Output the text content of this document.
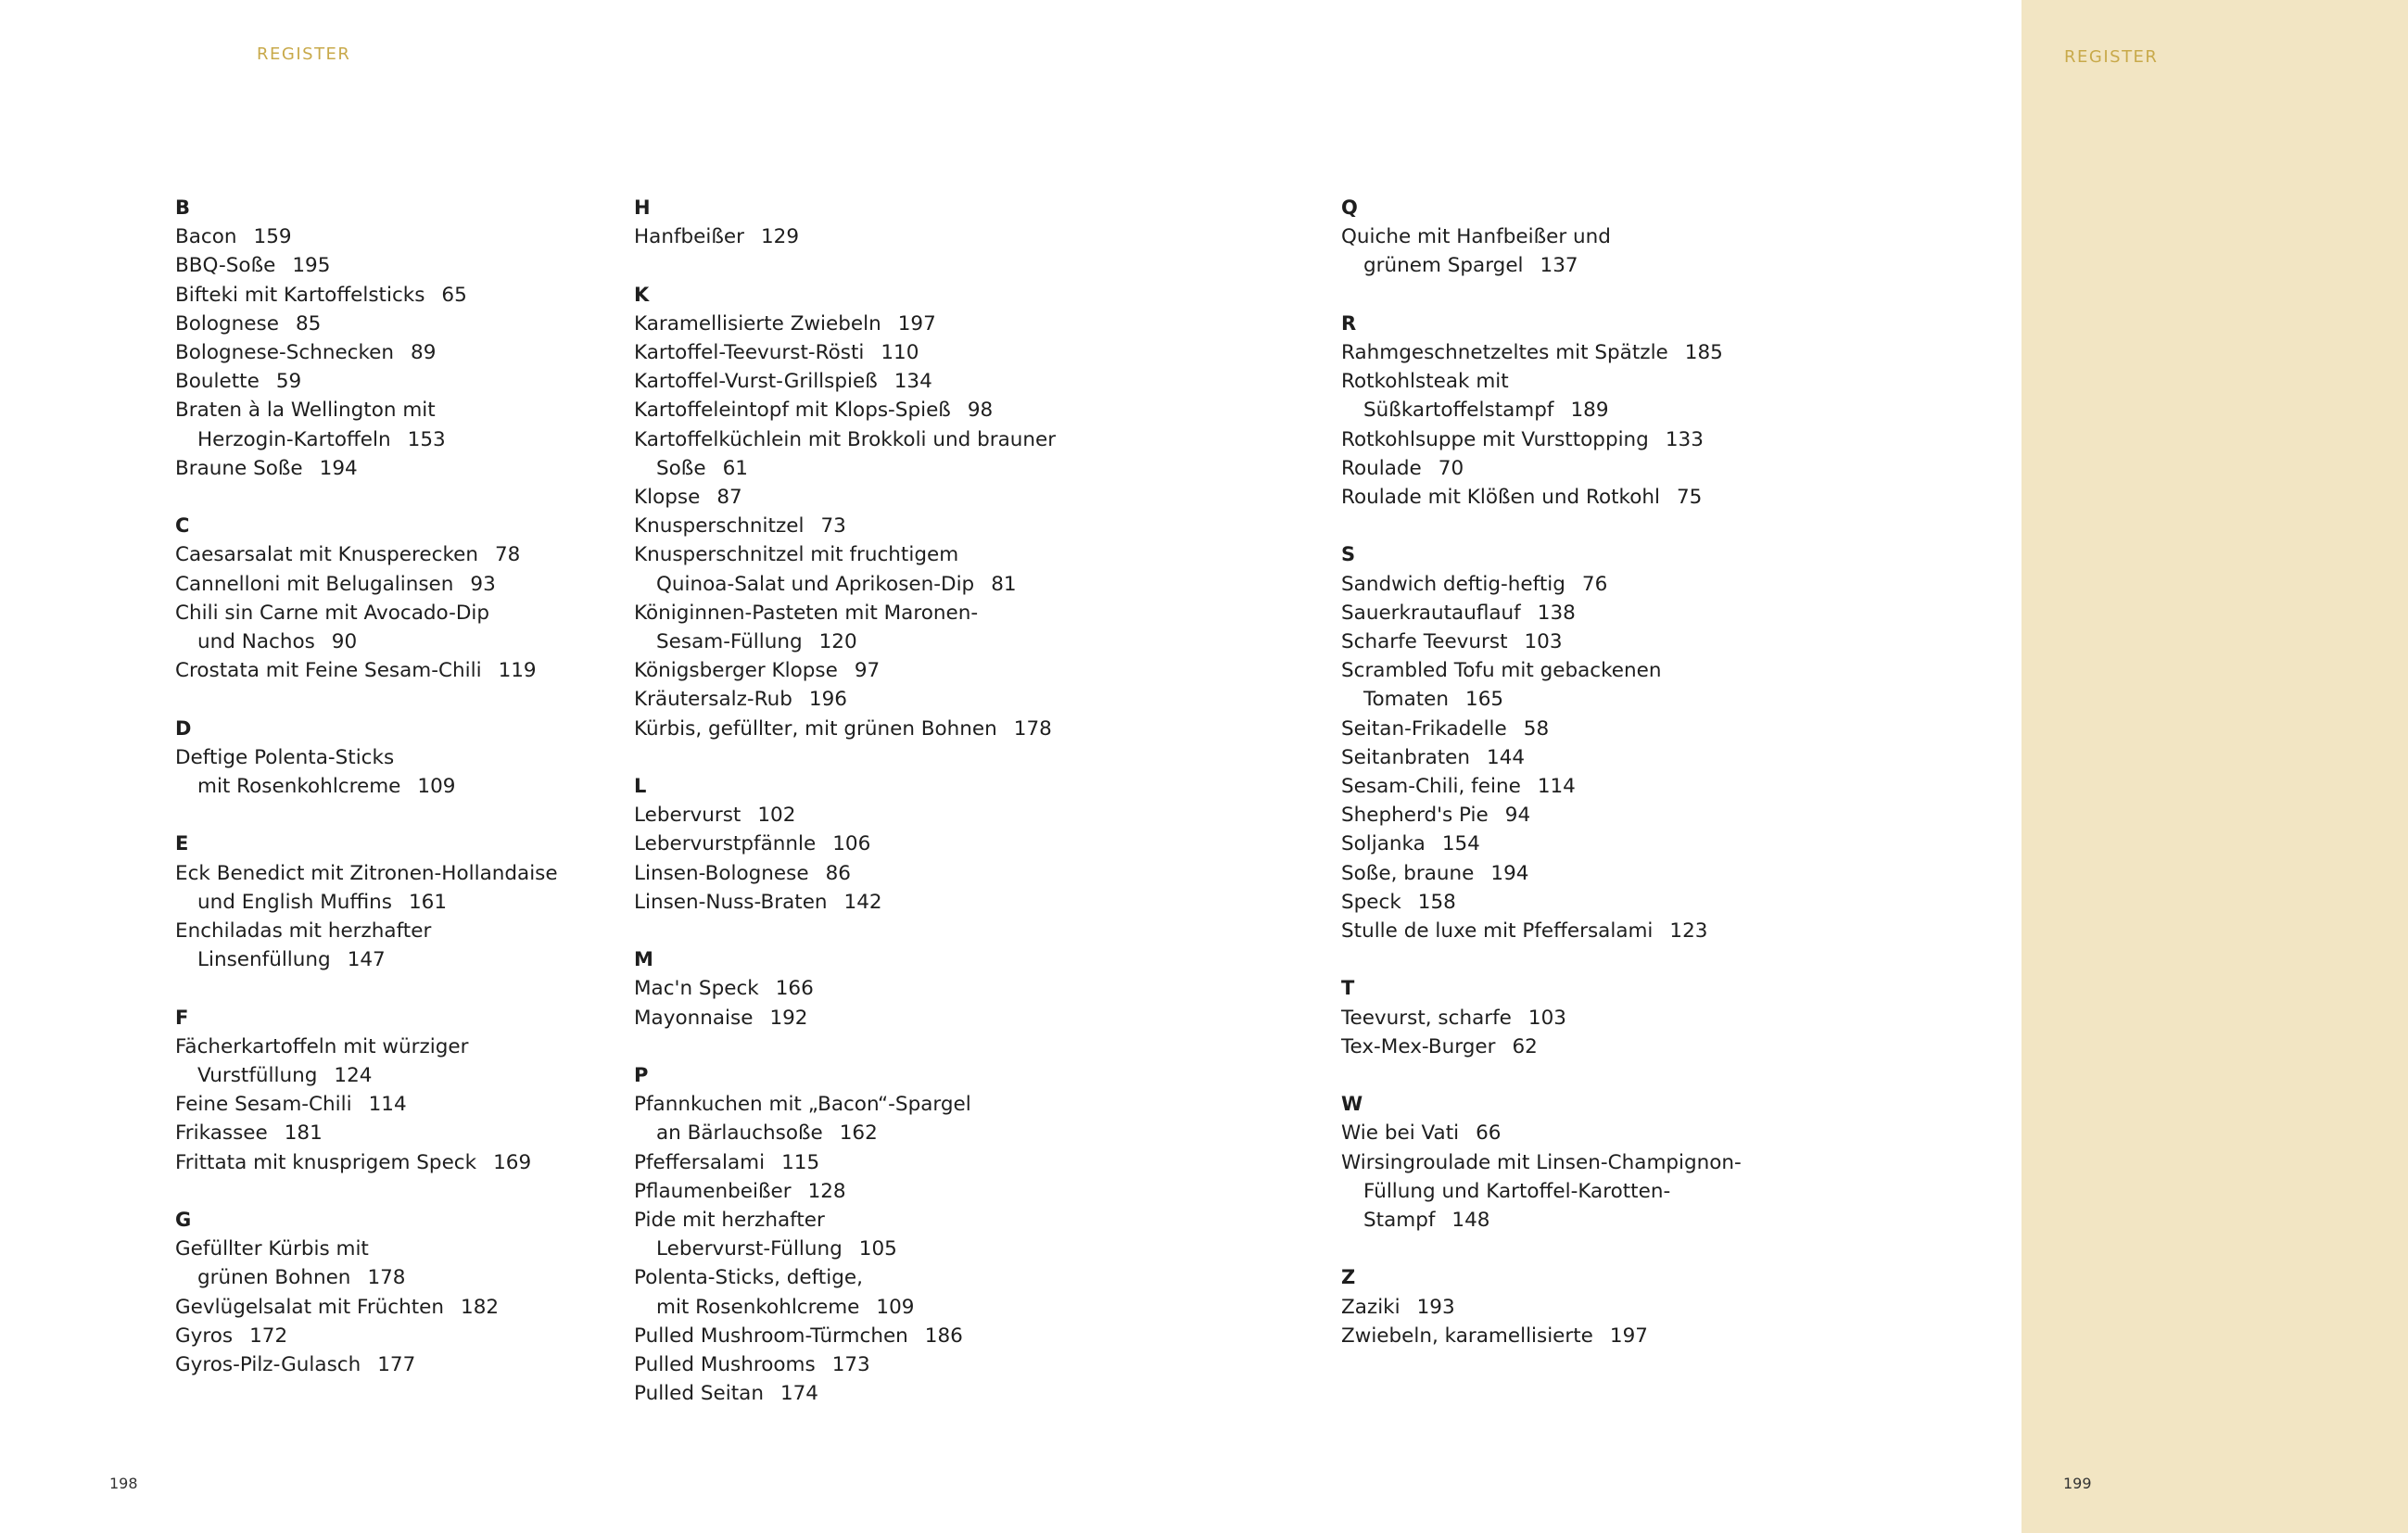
REGISTER	REGISTER
B
Bacon 159
BBQ-Soße 195
Bifteki mit Kartoffelsticks 65
Bolognese 85
Bolognese-Schnecken 89
Boulette 59
Braten à la Wellington mit
Herzogin-Kartoffeln 153
Braune Soße 194
C
Caesarsalat mit Knusperecken 78
Cannelloni mit Belugalinsen 93
Chili sin Carne mit Avocado-Dip
und Nachos 90
Crostata mit Feine Sesam-Chili 119
D
Deftige Polenta-Sticks
mit Rosenkohlcreme 109
E
Eck Benedict mit Zitronen-Hollandaise
und English Muffins 161
Enchiladas mit herzhafter
Linsenfüllung 147
F
Fächerkartoffeln mit würziger
Vurstfüllung 124
Feine Sesam-Chili 114
Frikassee 181
Frittata mit knusprigem Speck 169
G
Gefüllter Kürbis mit
grünen Bohnen 178
Gevlügelsalat mit Früchten 182
Gyros 172
Gyros-Pilz-Gulasch 177
H
Hanfbeißer 129
K
Karamellisierte Zwiebeln 197
Kartoffel-Teevurst-Rösti 110
Kartoffel-Vurst-Grillspieß 134
Kartoffeleintopf mit Klops-Spieß 98
Kartoffelküchlein mit Brokkoli und brauner
Soße 61
Klopse 87
Knusperschnitzel 73
Knusperschnitzel mit fruchtigem
Quinoa-Salat und Aprikosen-Dip 81
Königinnen-Pasteten mit Maronen-
Sesam-Füllung 120
Königsberger Klopse 97
Kräutersalz-Rub 196
Kürbis, gefüllter, mit grünen Bohnen 178
L
Lebervurst 102
Lebervurstpfännle 106
Linsen-Bolognese 86
Linsen-Nuss-Braten 142
M
Mac'n Speck 166
Mayonnaise 192
P
Pfannkuchen mit „Bacon“-Spargel
an Bärlauchsoße 162
Pfeffersalami 115
Pflaumenbeißer 128
Pide mit herzhafter
Lebervurst-Füllung 105
Polenta-Sticks, deftige,
mit Rosenkohlcreme 109
Pulled Mushroom-Türmchen 186
Pulled Mushrooms 173
Pulled Seitan 174
Q
Quiche mit Hanfbeißer und
grünem Spargel 137
R
Rahmgeschnetzeltes mit Spätzle 185
Rotkohlsteak mit
Süßkartoffelstampf 189
Rotkohlsuppe mit Vursttopping 133
Roulade 70
Roulade mit Klößen und Rotkohl 75
S
Sandwich deftig-heftig 76
Sauerkrautauflauf 138
Scharfe Teevurst 103
Scrambled Tofu mit gebackenen
Tomaten 165
Seitan-Frikadelle 58
Seitanbraten 144
Sesam-Chili, feine 114
Shepherd's Pie 94
Soljanka 154
Soße, braune 194
Speck 158
Stulle de luxe mit Pfeffersalami 123
T
Teevurst, scharfe 103
Tex-Mex-Burger 62
W
Wie bei Vati 66
Wirsingroulade mit Linsen-Champignon-
Füllung und Kartoffel-Karotten-
Stampf 148
Z
Zaziki 193
Zwiebeln, karamellisierte 197
198	199
